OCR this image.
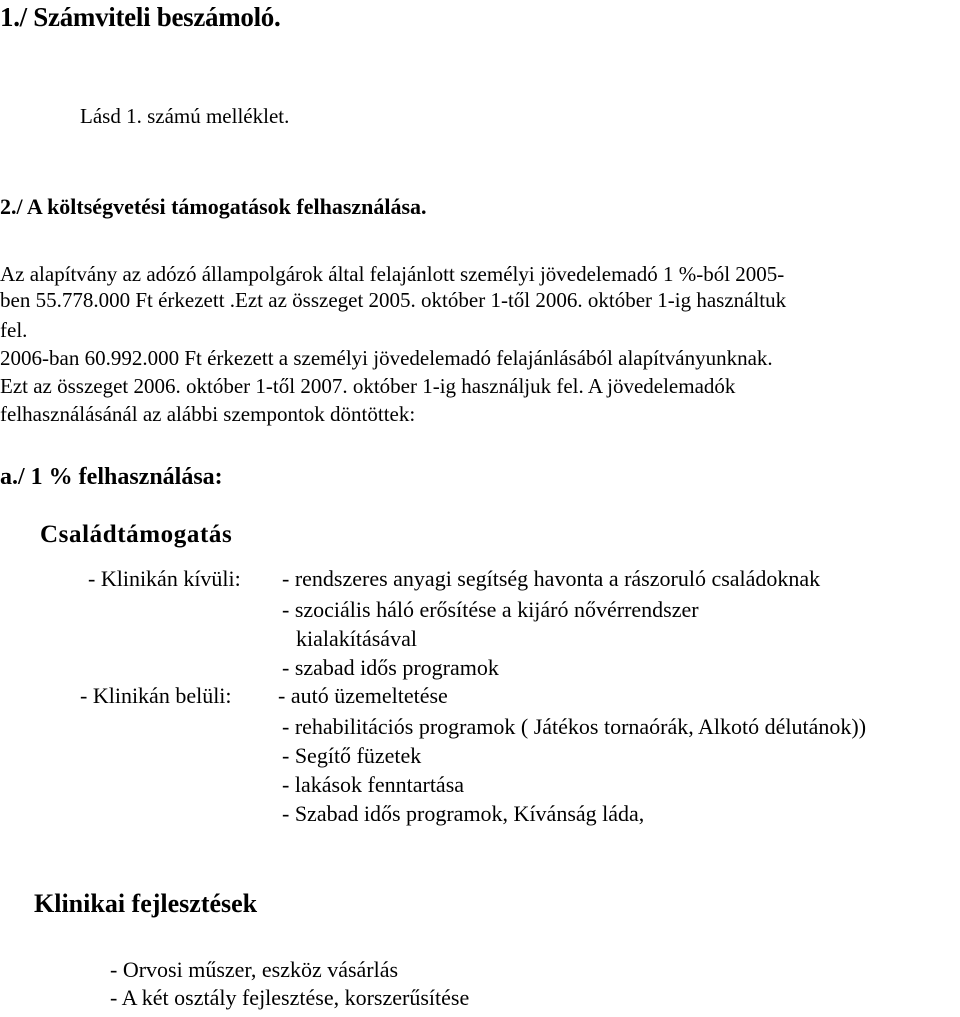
1./ Számviteli beszámoló.
Lásd 1. számú melléklet.
2./ A költségvetési támogatások felhasználása.
Az alapítvány az adózó állampolgárok által felajánlott személyi jövedelemadó 1 %-ból 2005-
ben 55.778.000 Ft érkezett .Ezt az összeget 2005. október 1-től 2006. október 1-ig használtuk
fel.
2006-ban 60.992.000 Ft érkezett a személyi jövedelemadó felajánlásából alapítványunknak.
Ezt az összeget 2006. október 1-től 2007. október 1-ig használjuk fel. A jövedelemadók
felhasználásánál az alábbi szempontok döntöttek:
a./ 1 % felhasználása:
Családtámogatás
- Klinikán kívüli: - rendszeres anyagi segítség havonta a rászoruló családoknak
- szociális háló erősítése a kijáró nővérrendszer
kialakításával
- szabad idős programok
- Klinikán belüli: - autó üzemeltetése
- rehabilitációs programok ( Játékos tornaórák, Alkotó délutánok))
- Segítő füzetek
- lakások fenntartása
- Szabad idős programok, Kívánság láda,
Klinikai fejlesztések
- Orvosi műszer, eszköz vásárlás
- A két osztály fejlesztése, korszerűsítése
